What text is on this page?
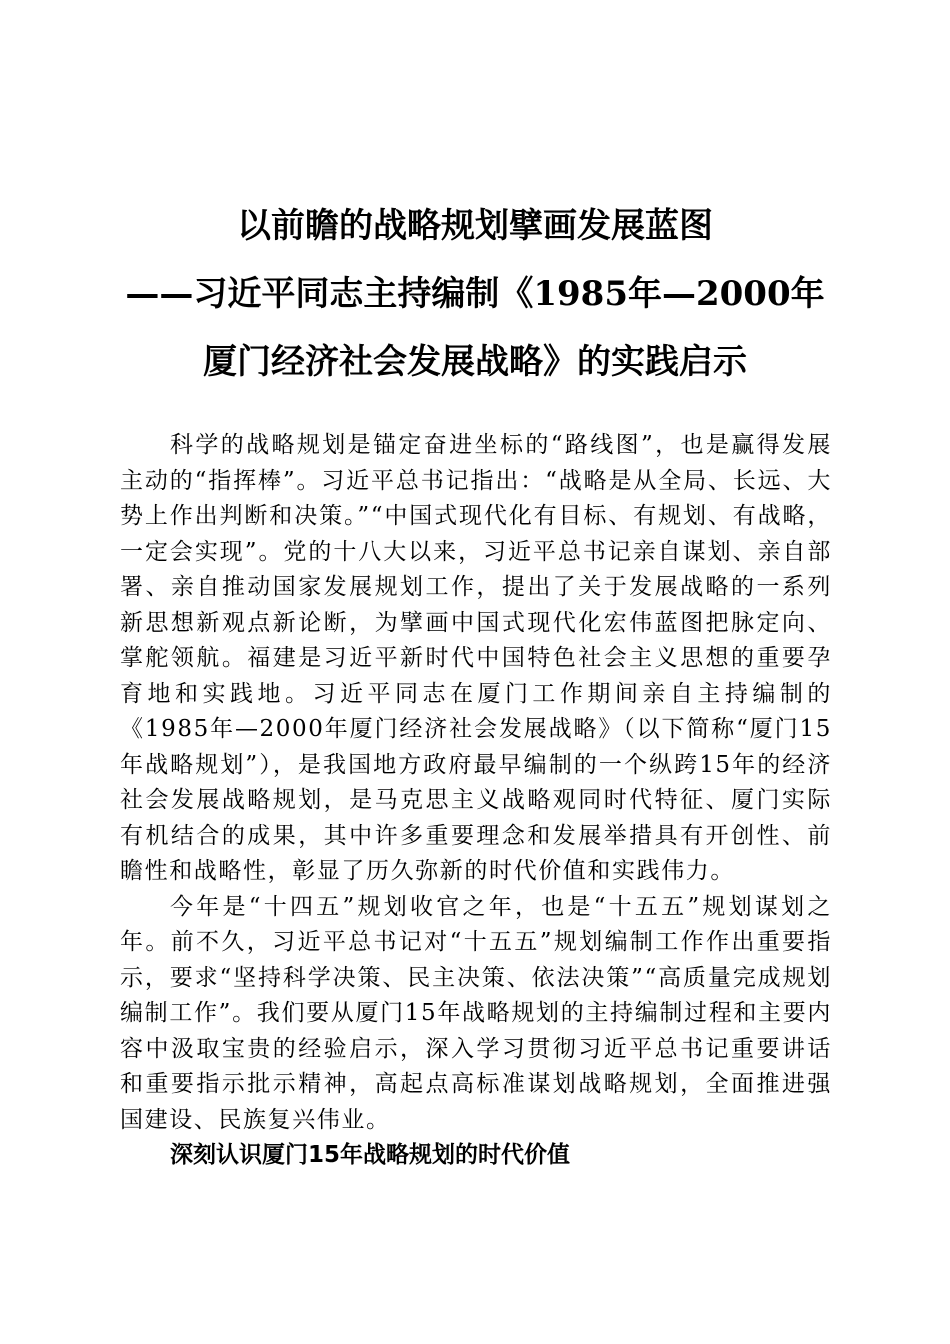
以前瞻的战略规划擘画发展蓝图
——习近平同志主持编制《1985年—2000年
厦门经济社会发展战略》的实践启示

科学的战略规划是锚定奋进坐标的“路线图”，也是赢得发展主动的“指挥棒”。习近平总书记指出：“战略是从全局、长远、大势上作出判断和决策。”“中国式现代化有目标、有规划、有战略，一定会实现”。党的十八大以来，习近平总书记亲自谋划、亲自部署、亲自推动国家发展规划工作，提出了关于发展战略的一系列新思想新观点新论断，为擘画中国式现代化宏伟蓝图把脉定向、掌舵领航。福建是习近平新时代中国特色社会主义思想的重要孕育地和实践地。习近平同志在厦门工作期间亲自主持编制的《1985年—2000年厦门经济社会发展战略》（以下简称“厦门15年战略规划”），是我国地方政府最早编制的一个纵跨15年的经济社会发展战略规划，是马克思主义战略观同时代特征、厦门实际有机结合的成果，其中许多重要理念和发展举措具有开创性、前瞻性和战略性，彰显了历久弥新的时代价值和实践伟力。

今年是“十四五”规划收官之年，也是“十五五”规划谋划之年。前不久，习近平总书记对“十五五”规划编制工作作出重要指示，要求“坚持科学决策、民主决策、依法决策”“高质量完成规划编制工作”。我们要从厦门15年战略规划的主持编制过程和主要内容中汲取宝贵的经验启示，深入学习贯彻习近平总书记重要讲话和重要指示批示精神，高起点高标准谋划战略规划，全面推进强国建设、民族复兴伟业。

深刻认识厦门15年战略规划的时代价值
